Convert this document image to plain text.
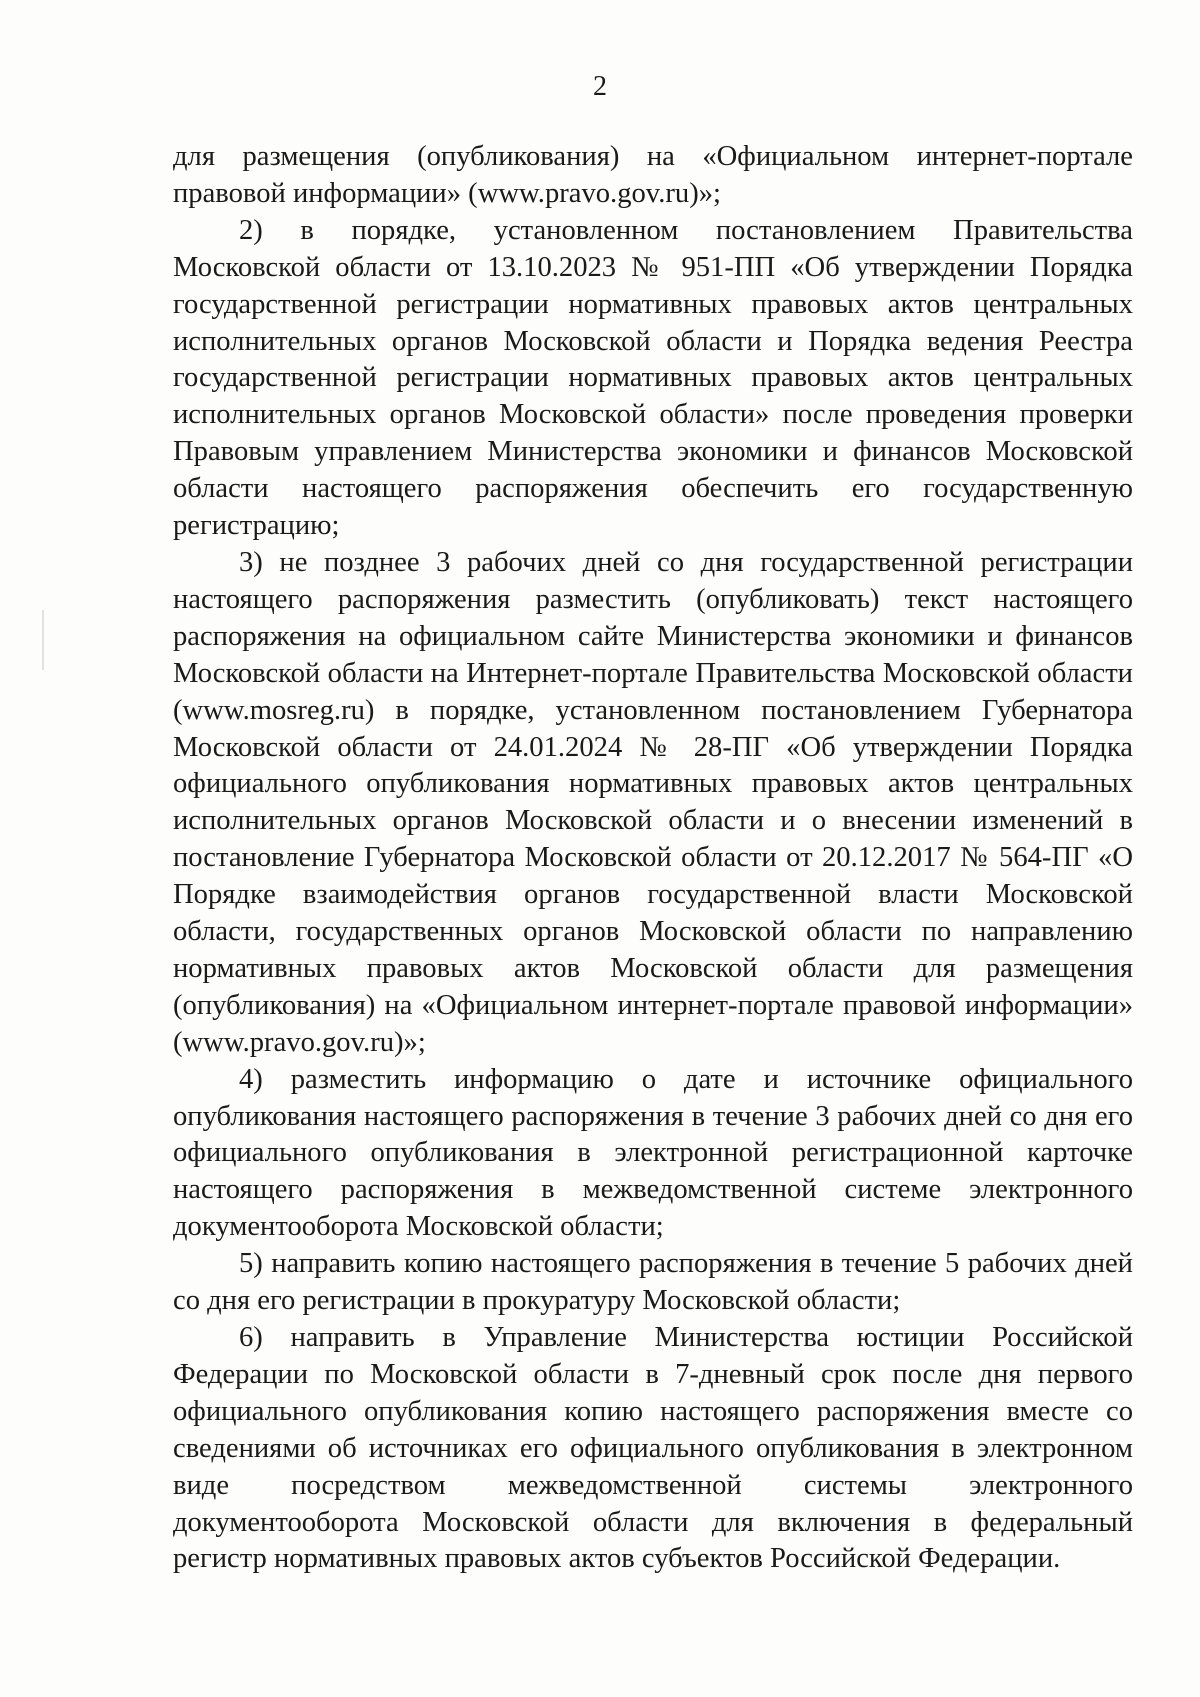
2

для размещения (опубликования) на «Официальном интернет-портале правовой информации» (www.pravo.gov.ru)»;

2) в порядке, установленном постановлением Правительства Московской области от 13.10.2023 № 951-ПП «Об утверждении Порядка государственной регистрации нормативных правовых актов центральных исполнительных органов Московской области и Порядка ведения Реестра государственной регистрации нормативных правовых актов центральных исполнительных органов Московской области» после проведения проверки Правовым управлением Министерства экономики и финансов Московской области настоящего распоряжения обеспечить его государственную регистрацию;

3) не позднее 3 рабочих дней со дня государственной регистрации настоящего распоряжения разместить (опубликовать) текст настоящего распоряжения на официальном сайте Министерства экономики и финансов Московской области на Интернет-портале Правительства Московской области (www.mosreg.ru) в порядке, установленном постановлением Губернатора Московской области от 24.01.2024 № 28-ПГ «Об утверждении Порядка официального опубликования нормативных правовых актов центральных исполнительных органов Московской области и о внесении изменений в постановление Губернатора Московской области от 20.12.2017 № 564-ПГ «О Порядке взаимодействия органов государственной власти Московской области, государственных органов Московской области по направлению нормативных правовых актов Московской области для размещения (опубликования) на «Официальном интернет-портале правовой информации» (www.pravo.gov.ru)»;

4) разместить информацию о дате и источнике официального опубликования настоящего распоряжения в течение 3 рабочих дней со дня его официального опубликования в электронной регистрационной карточке настоящего распоряжения в межведомственной системе электронного документооборота Московской области;

5) направить копию настоящего распоряжения в течение 5 рабочих дней со дня его регистрации в прокуратуру Московской области;

6) направить в Управление Министерства юстиции Российской Федерации по Московской области в 7-дневный срок после дня первого официального опубликования копию настоящего распоряжения вместе со сведениями об источниках его официального опубликования в электронном виде посредством межведомственной системы электронного документооборота Московской области для включения в федеральный регистр нормативных правовых актов субъектов Российской Федерации.
